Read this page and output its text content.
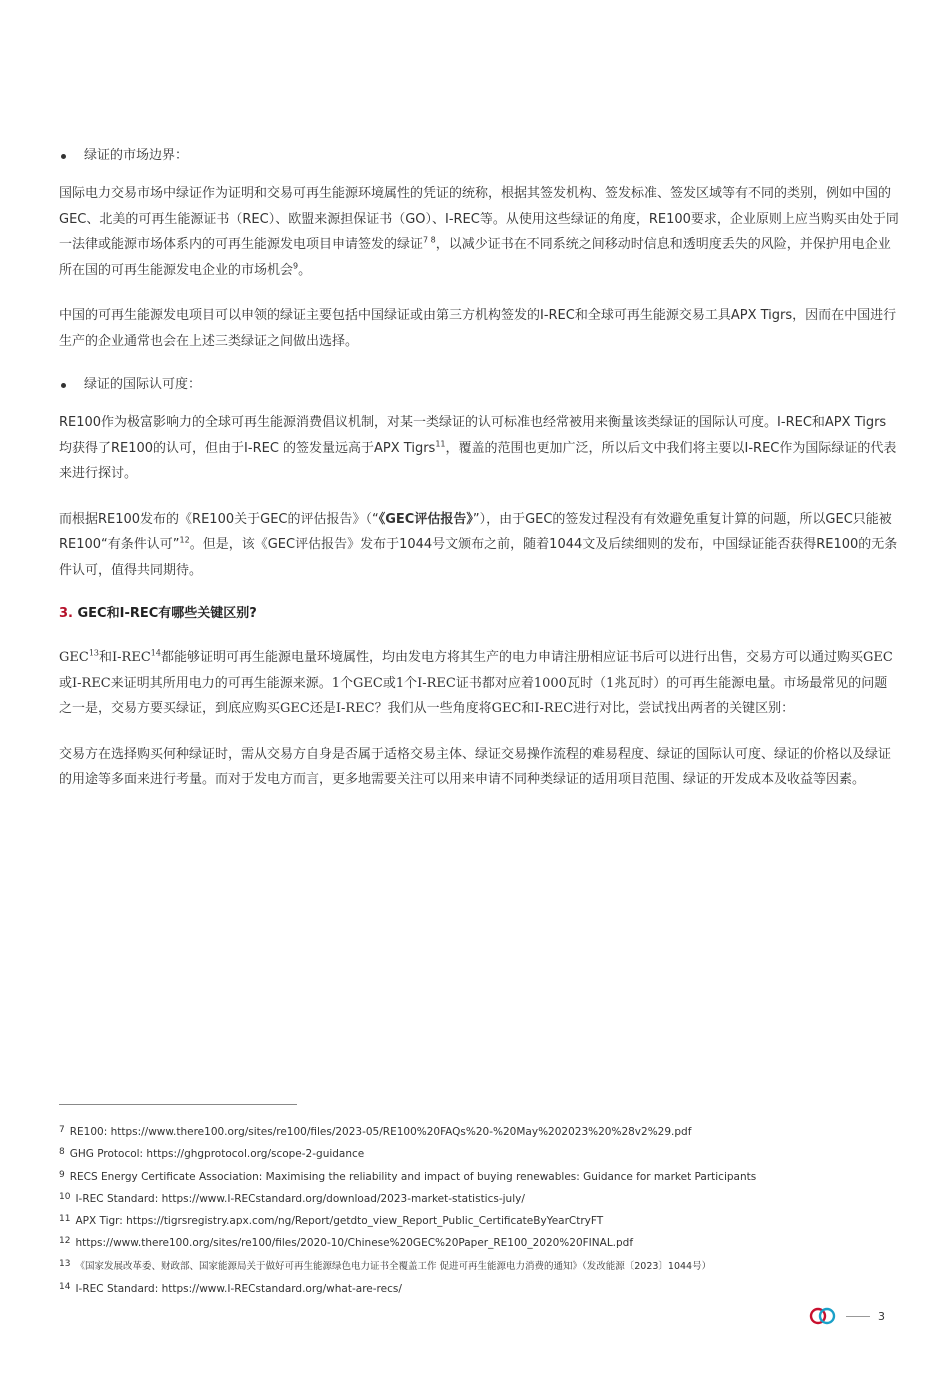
绿证的市场边界：

国际电力交易市场中绿证作为证明和交易可再生能源环境属性的凭证的统称，根据其签发机构、签发标准、签发区域等有不同的类别，例如中国的GEC、北美的可再生能源证书（REC）、欧盟来源担保证书（GO）、I-REC等。从使用这些绿证的角度，RE100要求，企业原则上应当购买由处于同一法律或能源市场体系内的可再生能源发电项目申请签发的绿证$^{7 8}$，以减少证书在不同系统之间移动时信息和透明度丢失的风险，并保护用电企业所在国的可再生能源发电企业的市场机会$^9$。

中国的可再生能源发电项目可以申领的绿证主要包括中国绿证或由第三方机构签发的I-REC和全球可再生能源交易工具APX Tigrs，因而在中国进行生产的企业通常也会在上述三类绿证之间做出选择。

绿证的国际认可度：

RE100作为极富影响力的全球可再生能源消费倡议机制，对某一类绿证的认可标准也经常被用来衡量该类绿证的国际认可度。I-REC和APX Tigrs均获得了RE100的认可，但由于I-REC 的签发量远高于APX Tigrs$^{11}$，覆盖的范围也更加广泛，所以后文中我们将主要以I-REC作为国际绿证的代表来进行探讨。

而根据RE100发布的《RE100关于GEC的评估报告》（“《GEC评估报告》”），由于GEC的签发过程没有有效避免重复计算的问题，所以GEC只能被RE100“有条件认可”$^{12}$。但是，该《GEC评估报告》发布于1044号文颁布之前，随着1044文及后续细则的发布，中国绿证能否获得RE100的无条件认可，值得共同期待。

3. GEC和I-REC有哪些关键区别?

GEC$^{13}$和I-REC$^{14}$都能够证明可再生能源电量环境属性，均由发电方将其生产的电力申请注册相应证书后可以进行出售，交易方可以通过购买GEC或I-REC来证明其所用电力的可再生能源来源。1个GEC或1个I-REC证书都对应着1000瓦时（1兆瓦时）的可再生能源电量。市场最常见的问题之一是，交易方要买绿证，到底应购买GEC还是I-REC？我们从一些角度将GEC和I-REC进行对比，尝试找出两者的关键区别：

交易方在选择购买何种绿证时，需从交易方自身是否属于适格交易主体、绿证交易操作流程的难易程度、绿证的国际认可度、绿证的价格以及绿证的用途等多面来进行考量。而对于发电方而言，更多地需要关注可以用来申请不同种类绿证的适用项目范围、绿证的开发成本及收益等因素。

7 RE100: https://www.there100.org/sites/re100/files/2023-05/RE100%20FAQs%20-%20May%202023%20%28v2%29.pdf
8 GHG Protocol: https://ghgprotocol.org/scope-2-guidance
9 RECS Energy Certificate Association: Maximising the reliability and impact of buying renewables: Guidance for market Participants
10 I-REC Standard: https://www.I-RECstandard.org/download/2023-market-statistics-july/
11 APX Tigr: https://tigrsregistry.apx.com/ng/Report/getdto_view_Report_Public_CertificateByYearCtryFT
12 https://www.there100.org/sites/re100/files/2020-10/Chinese%20GEC%20Paper_RE100_2020%20FINAL.pdf
13 《国家发展改革委、财政部、国家能源局关于做好可再生能源绿色电力证书全覆盖工作 促进可再生能源电力消费的通知》（发改能源〔2023〕1044号）
14 I-REC Standard: https://www.I-RECstandard.org/what-are-recs/
3
